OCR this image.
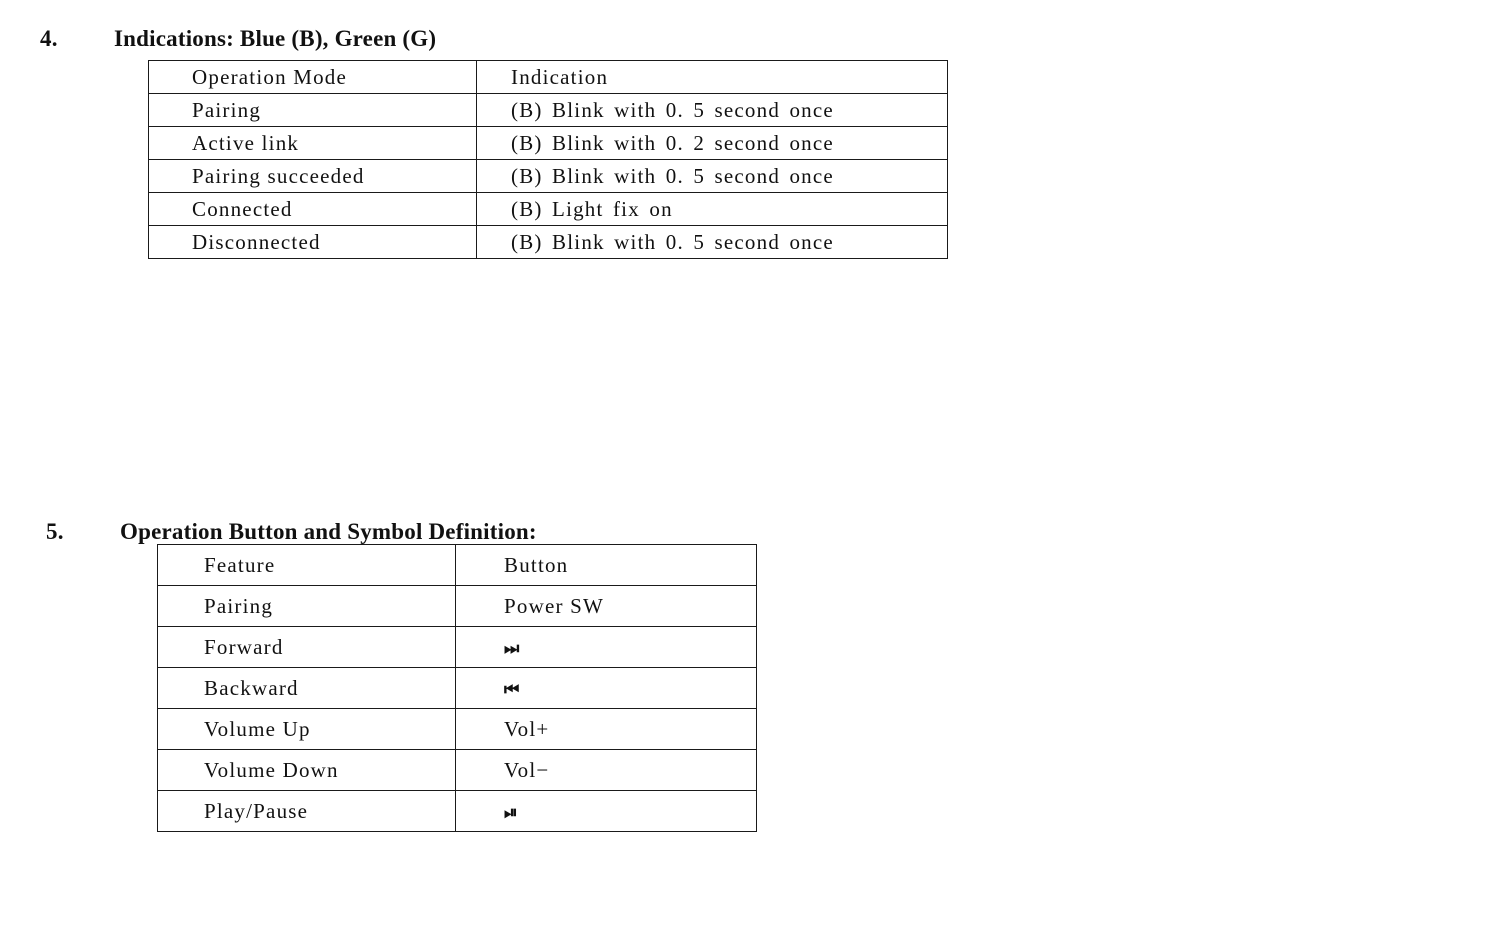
4. Indications: Blue (B), Green (G)
Operation Mode	Indication
Pairing	(B) Blink with 0. 5 second once
Active link	(B) Blink with 0. 2 second once
Pairing succeeded	(B) Blink with 0. 5 second once
Connected	(B) Light fix on
Disconnected	(B) Blink with 0. 5 second once
5. Operation Button and Symbol Definition:
Feature	Button
Pairing	Power SW
Forward	⏭
Backward	⏮
Volume Up	Vol+
Volume Down	Vol−
Play/Pause	⏯
